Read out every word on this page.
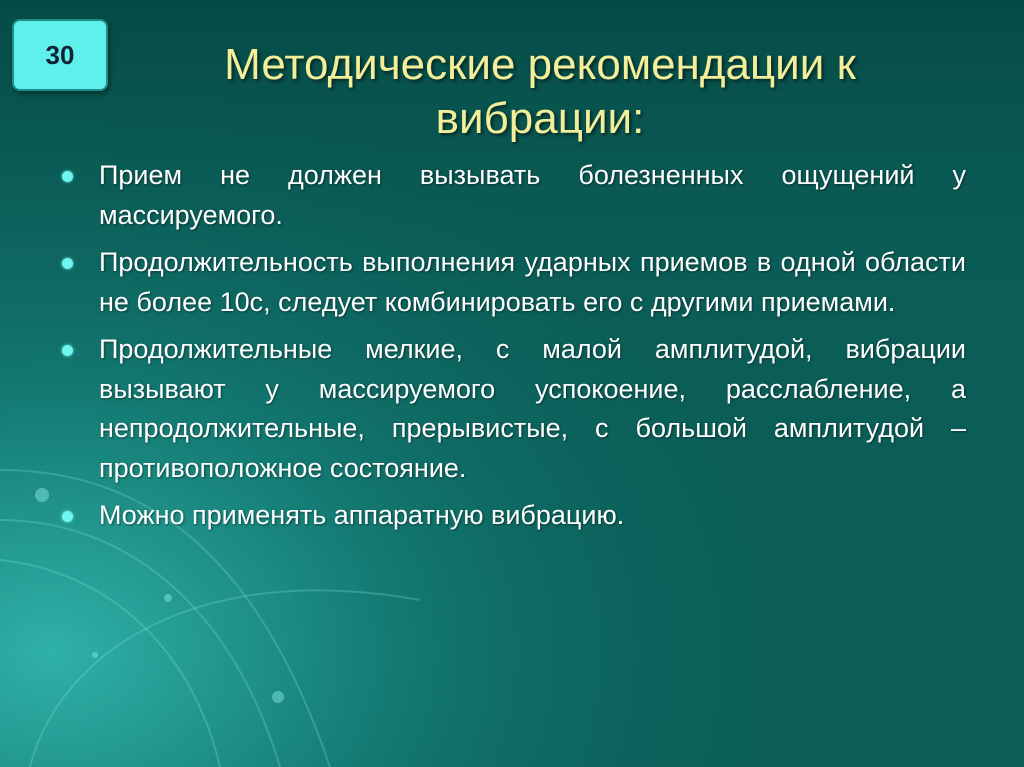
30	Методические рекомендации к
вибрации:
Прием не должен вызывать болезненных ощущений у массируемого.
Продолжительность выполнения ударных приемов в одной области не более 10с, следует комбинировать его с другими приемами.
Продолжительные мелкие, с малой амплитудой, вибрации вызывают у массируемого успокоение, расслабление, а непродолжительные, прерывистые, с большой амплитудой – противоположное состояние.
Можно применять аппаратную вибрацию.
